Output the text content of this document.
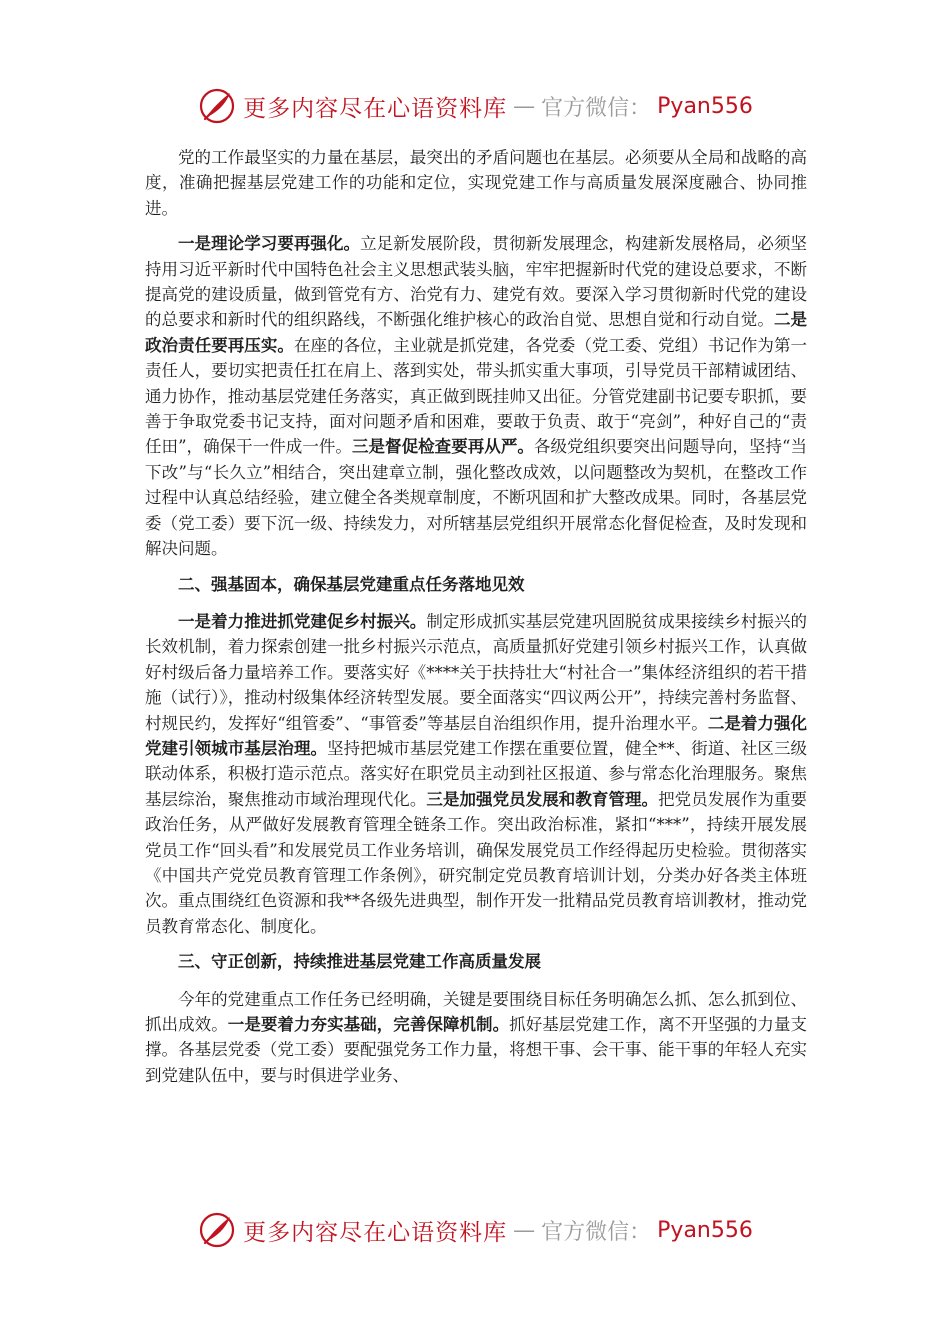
更多内容尽在心语资料库 — 官方微信： Pyan556

党的工作最坚实的力量在基层，最突出的矛盾问题也在基层。必须要从全局和战略的高度，准确把握基层党建工作的功能和定位，实现党建工作与高质量发展深度融合、协同推进。

一是理论学习要再强化。立足新发展阶段，贯彻新发展理念，构建新发展格局，必须坚持用习近平新时代中国特色社会主义思想武装头脑，牢牢把握新时代党的建设总要求，不断提高党的建设质量，做到管党有方、治党有力、建党有效。要深入学习贯彻新时代党的建设的总要求和新时代的组织路线，不断强化维护核心的政治自觉、思想自觉和行动自觉。二是政治责任要再压实。在座的各位，主业就是抓党建，各党委（党工委、党组）书记作为第一责任人，要切实把责任扛在肩上、落到实处，带头抓实重大事项，引导党员干部精诚团结、通力协作，推动基层党建任务落实，真正做到既挂帅又出征。分管党建副书记要专职抓，要善于争取党委书记支持，面对问题矛盾和困难，要敢于负责、敢于“亮剑”，种好自己的“责任田”，确保干一件成一件。三是督促检查要再从严。各级党组织要突出问题导向，坚持“当下改”与“长久立”相结合，突出建章立制，强化整改成效，以问题整改为契机，在整改工作过程中认真总结经验，建立健全各类规章制度，不断巩固和扩大整改成果。同时，各基层党委（党工委）要下沉一级、持续发力，对所辖基层党组织开展常态化督促检查，及时发现和解决问题。

二、强基固本，确保基层党建重点任务落地见效

一是着力推进抓党建促乡村振兴。制定形成抓实基层党建巩固脱贫成果接续乡村振兴的长效机制，着力探索创建一批乡村振兴示范点，高质量抓好党建引领乡村振兴工作，认真做好村级后备力量培养工作。要落实好《****关于扶持壮大“村社合一”集体经济组织的若干措施（试行）》，推动村级集体经济转型发展。要全面落实“四议两公开”，持续完善村务监督、村规民约，发挥好“组管委”、“事管委”等基层自治组织作用，提升治理水平。二是着力强化党建引领城市基层治理。坚持把城市基层党建工作摆在重要位置，健全**、街道、社区三级联动体系，积极打造示范点。落实好在职党员主动到社区报道、参与常态化治理服务。聚焦基层综治，聚焦推动市域治理现代化。三是加强党员发展和教育管理。把党员发展作为重要政治任务，从严做好发展教育管理全链条工作。突出政治标准，紧扣“***”，持续开展发展党员工作“回头看”和发展党员工作业务培训，确保发展党员工作经得起历史检验。贯彻落实《中国共产党党员教育管理工作条例》，研究制定党员教育培训计划，分类办好各类主体班次。重点围绕红色资源和我**各级先进典型，制作开发一批精品党员教育培训教材，推动党员教育常态化、制度化。

三、守正创新，持续推进基层党建工作高质量发展

今年的党建重点工作任务已经明确，关键是要围绕目标任务明确怎么抓、怎么抓到位、抓出成效。一是要着力夯实基础，完善保障机制。抓好基层党建工作，离不开坚强的力量支撑。各基层党委（党工委）要配强党务工作力量，将想干事、会干事、能干事的年轻人充实到党建队伍中，要与时俱进学业务、

更多内容尽在心语资料库 — 官方微信： Pyan556
